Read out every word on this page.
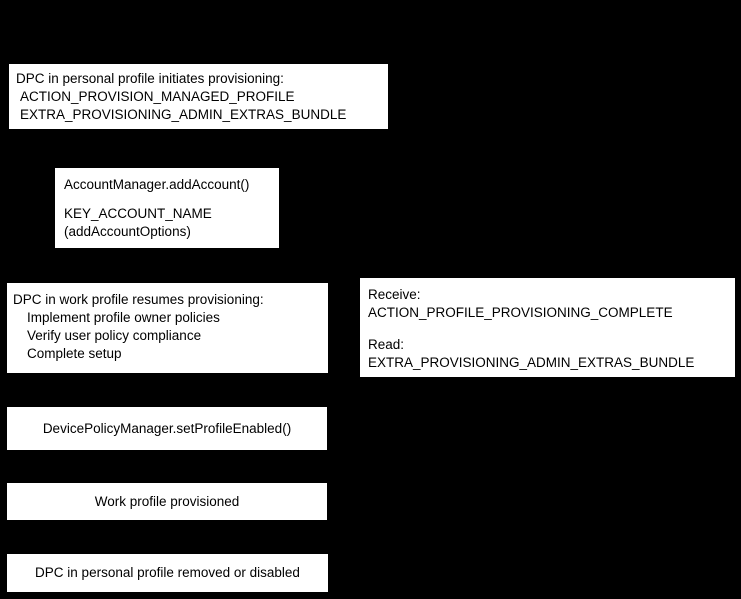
DPC in personal profile initiates provisioning:
ACTION_PROVISION_MANAGED_PROFILE
EXTRA_PROVISIONING_ADMIN_EXTRAS_BUNDLE
AccountManager.addAccount()
KEY_ACCOUNT_NAME
(addAccountOptions)
DPC in work profile resumes provisioning:
Implement profile owner policies
Verify user policy compliance
Complete setup
Receive:
ACTION_PROFILE_PROVISIONING_COMPLETE
Read:
EXTRA_PROVISIONING_ADMIN_EXTRAS_BUNDLE
DevicePolicyManager.setProfileEnabled()
Work profile provisioned
DPC in personal profile removed or disabled
